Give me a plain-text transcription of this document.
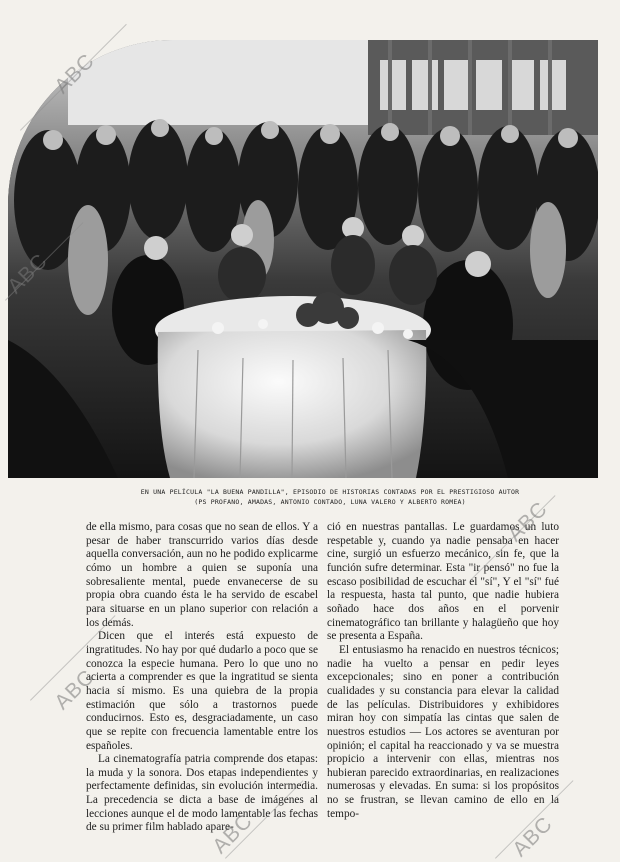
EN UNA PELÍCULA "LA BUENA PANDILLA", EPISODIO DE HISTORIAS CONTADAS POR EL PRESTIGIOSO AUTOR
(PS PROFANO, AMADAS, ANTONIO CONTADO, LUNA VALERO Y ALBERTO ROMEA)

de ella mismo, para cosas que no sean de ellos. Y a pesar de haber transcurrido varios días desde aquella conversación, aun no he podido explicarme cómo un hombre a quien se suponía una sobresaliente mental, puede envanecerse de su propia obra cuando ésta le ha servido de escabel para situarse en un plano superior con relación a los demás.

Dicen que el interés está expuesto de ingratitudes. No hay por qué dudarlo a poco que se conozca la especie humana. Pero lo que uno no acierta a comprender es que la ingratitud se sienta hacia sí mismo. Es una quiebra de la propia estimación que sólo a trastornos puede conducirnos. Esto es, desgraciadamente, un caso que se repite con frecuencia lamentable entre los españoles.

La cinematografía patria comprende dos etapas: la muda y la sonora. Dos etapas independientes y perfectamente definidas, sin evolución intermedia. La precedencia se dicta a base de imágenes al lecciones aunque el de modo lamentable las fechas de su primer film hablado apare-

ció en nuestras pantallas. Le guardamos un luto respetable y, cuando ya nadie pensaba en hacer cine, surgió un esfuerzo mecánico, sin fe, que la función sufre determinar. Esta "ir pensó" no fue la escaso posibilidad de escuchar el "sí", Y el "sí" fué la respuesta, hasta tal punto, que nadie hubiera soñado hace dos años en el porvenir cinematográfico tan brillante y halagüeño que hoy se presenta a España.

El entusiasmo ha renacido en nuestros técnicos; nadie ha vuelto a pensar en pedir leyes excepcionales; sino en poner a contribución cualidades y su constancia para elevar la calidad de las películas. Distribuidores y exhibidores miran hoy con simpatía las cintas que salen de nuestros estudios — Los actores se aventuran por opinión; el capital ha reaccionado y va se muestra propicio a intervenir con ellas, mientras nos hubieran parecido extraordinarias, en realizaciones numerosas y elevadas. En suma: si los propósitos no se frustran, se llevan camino de ello en la tempo-

ABC
ABC
ABC
ABC
ABC	ABC
